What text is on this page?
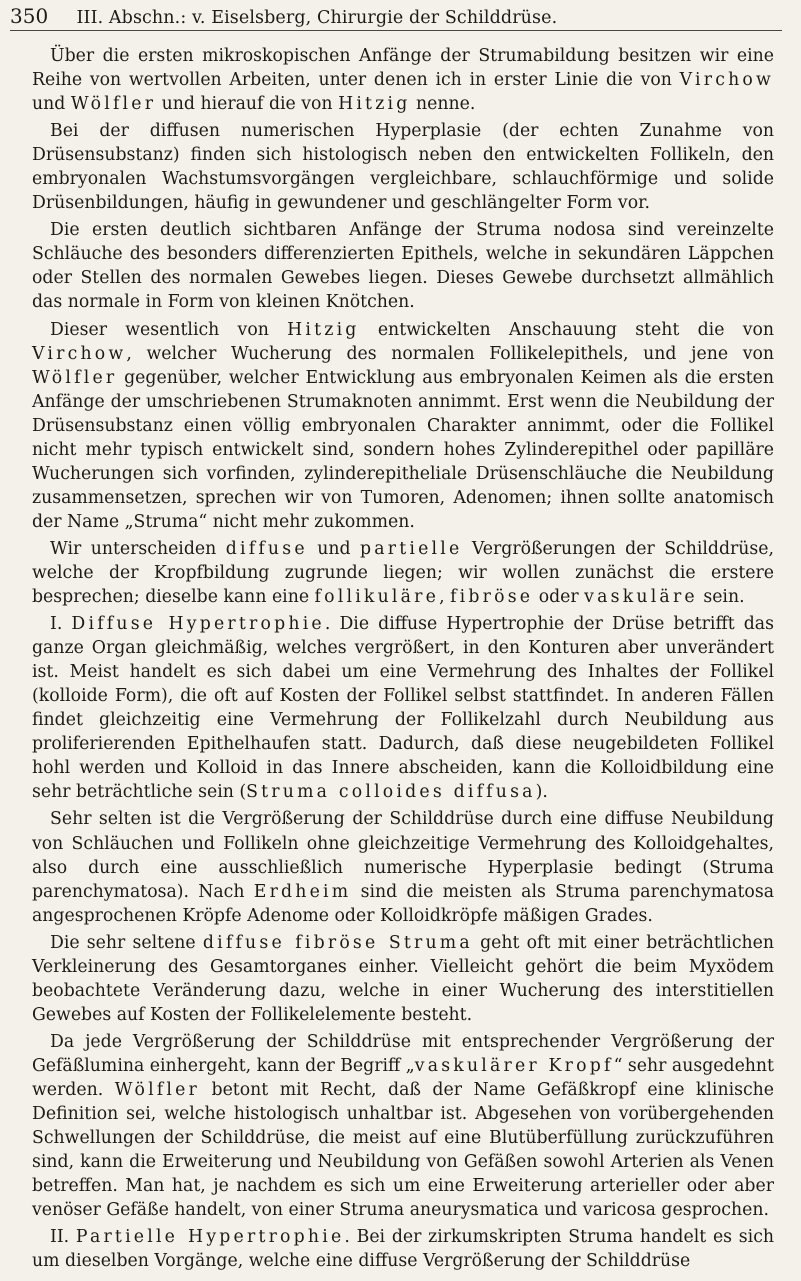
350 III. Abschn.: v. Eiselsberg, Chirurgie der Schilddrüse.

Über die ersten mikroskopischen Anfänge der Strumabildung besitzen wir eine Reihe von wertvollen Arbeiten, unter denen ich in erster Linie die von Virchow und Wölfler und hierauf die von Hitzig nenne.

Bei der diffusen numerischen Hyperplasie (der echten Zunahme von Drüsensubstanz) finden sich histologisch neben den entwickelten Follikeln, den embryonalen Wachstumsvorgängen vergleichbare, schlauchförmige und solide Drüsenbildungen, häufig in gewundener und geschlängelter Form vor.

Die ersten deutlich sichtbaren Anfänge der Struma nodosa sind vereinzelte Schläuche des besonders differenzierten Epithels, welche in sekundären Läppchen oder Stellen des normalen Gewebes liegen. Dieses Gewebe durchsetzt allmählich das normale in Form von kleinen Knötchen.

Dieser wesentlich von Hitzig entwickelten Anschauung steht die von Virchow, welcher Wucherung des normalen Follikelepithels, und jene von Wölfler gegenüber, welcher Entwicklung aus embryonalen Keimen als die ersten Anfänge der umschriebenen Strumaknoten annimmt. Erst wenn die Neubildung der Drüsensubstanz einen völlig embryonalen Charakter annimmt, oder die Follikel nicht mehr typisch entwickelt sind, sondern hohes Zylinderepithel oder papilläre Wucherungen sich vorfinden, zylinderepitheliale Drüsenschläuche die Neubildung zusammensetzen, sprechen wir von Tumoren, Adenomen; ihnen sollte anatomisch der Name „Struma“ nicht mehr zukommen.

Wir unterscheiden diffuse und partielle Vergrößerungen der Schilddrüse, welche der Kropfbildung zugrunde liegen; wir wollen zunächst die erstere besprechen; dieselbe kann eine follikuläre, fibröse oder vaskuläre sein.

I. Diffuse Hypertrophie. Die diffuse Hypertrophie der Drüse betrifft das ganze Organ gleichmäßig, welches vergrößert, in den Konturen aber unverändert ist. Meist handelt es sich dabei um eine Vermehrung des Inhaltes der Follikel (kolloide Form), die oft auf Kosten der Follikel selbst stattfindet. In anderen Fällen findet gleichzeitig eine Vermehrung der Follikelzahl durch Neubildung aus proliferierenden Epithelhaufen statt. Dadurch, daß diese neugebildeten Follikel hohl werden und Kolloid in das Innere abscheiden, kann die Kolloidbildung eine sehr beträchtliche sein (Struma colloides diffusa).

Sehr selten ist die Vergrößerung der Schilddrüse durch eine diffuse Neubildung von Schläuchen und Follikeln ohne gleichzeitige Vermehrung des Kolloidgehaltes, also durch eine ausschließlich numerische Hyperplasie bedingt (Struma parenchymatosa). Nach Erdheim sind die meisten als Struma parenchymatosa angesprochenen Kröpfe Adenome oder Kolloidkröpfe mäßigen Grades.

Die sehr seltene diffuse fibröse Struma geht oft mit einer beträchtlichen Verkleinerung des Gesamtorganes einher. Vielleicht gehört die beim Myxödem beobachtete Veränderung dazu, welche in einer Wucherung des interstitiellen Gewebes auf Kosten der Follikelelemente besteht.

Da jede Vergrößerung der Schilddrüse mit entsprechender Vergrößerung der Gefäßlumina einhergeht, kann der Begriff „vaskulärer Kropf“ sehr ausgedehnt werden. Wölfler betont mit Recht, daß der Name Gefäßkropf eine klinische Definition sei, welche histologisch unhaltbar ist. Abgesehen von vorübergehenden Schwellungen der Schilddrüse, die meist auf eine Blutüberfüllung zurückzuführen sind, kann die Erweiterung und Neubildung von Gefäßen sowohl Arterien als Venen betreffen. Man hat, je nachdem es sich um eine Erweiterung arterieller oder aber venöser Gefäße handelt, von einer Struma aneurysmatica und varicosa gesprochen.

II. Partielle Hypertrophie. Bei der zirkumskripten Struma handelt es sich um dieselben Vorgänge, welche eine diffuse Vergrößerung der Schilddrüse
